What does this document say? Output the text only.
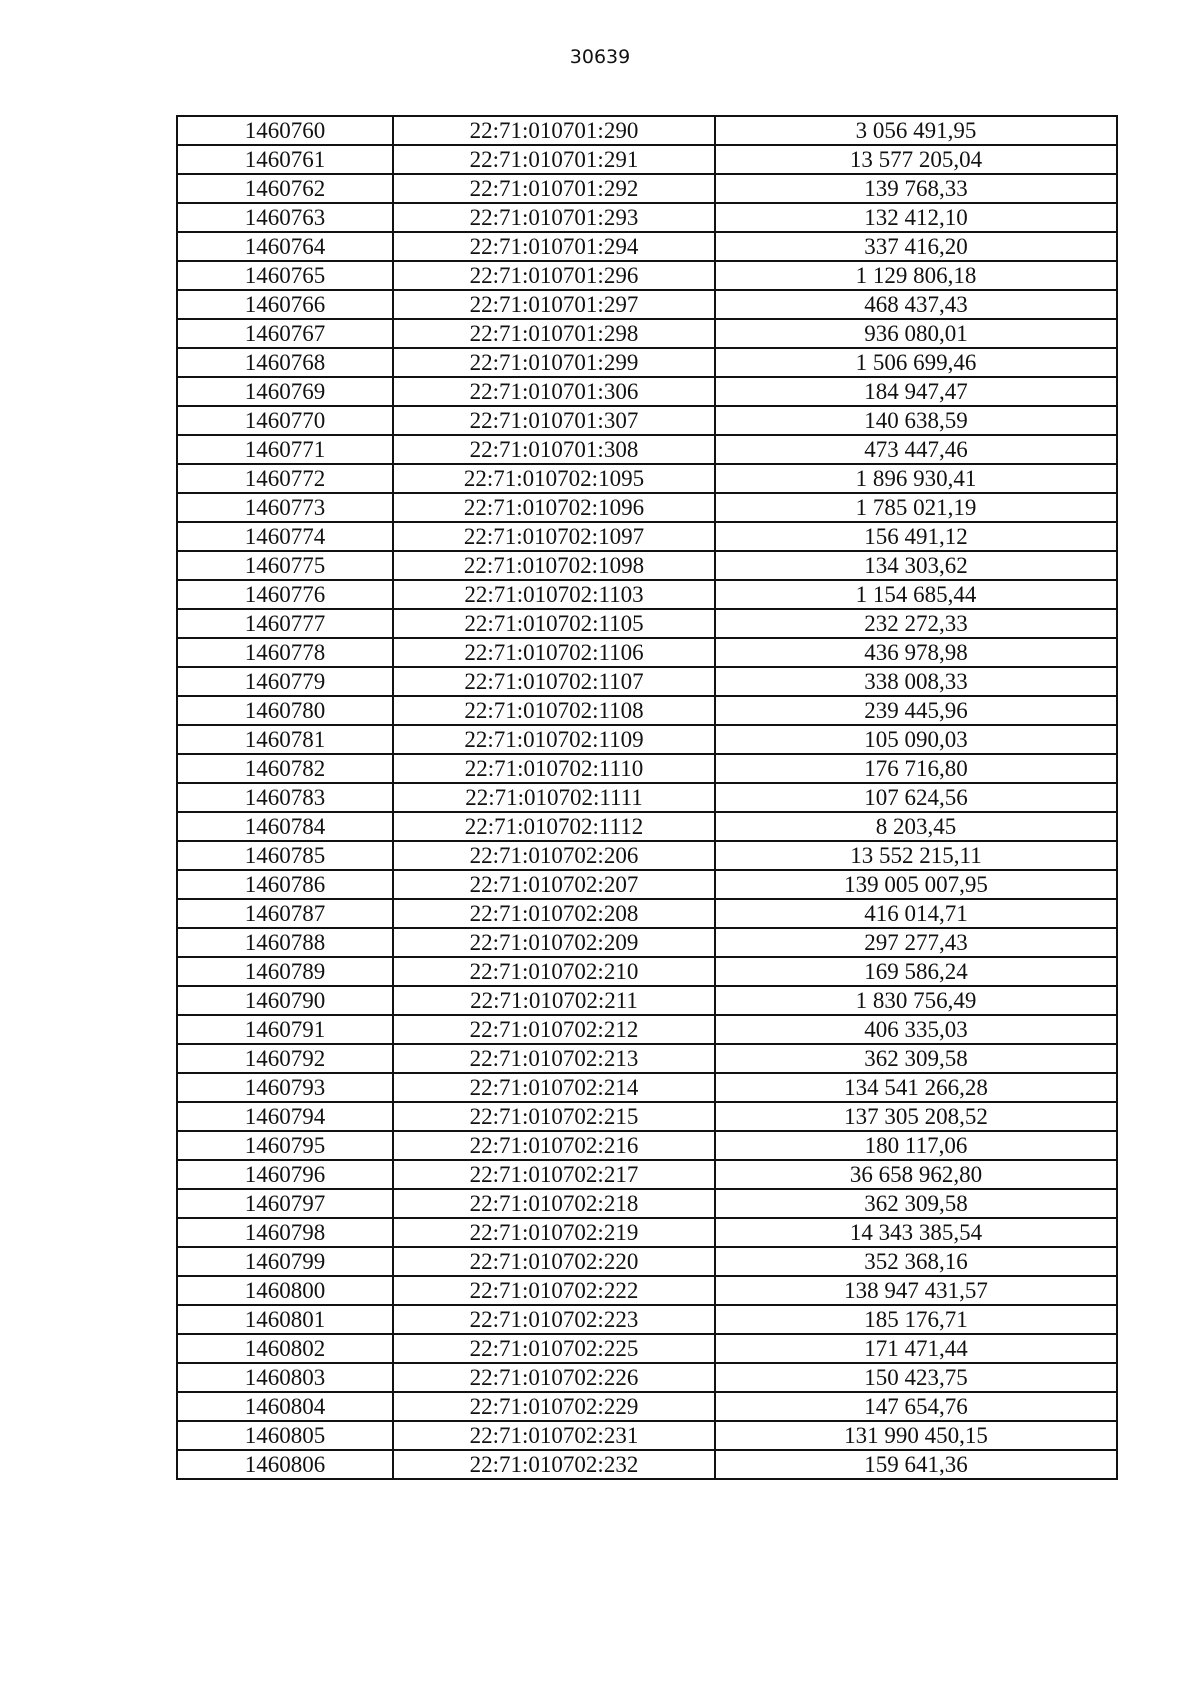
30639
1460760	22:71:010701:290	3 056 491,95
1460761	22:71:010701:291	13 577 205,04
1460762	22:71:010701:292	139 768,33
1460763	22:71:010701:293	132 412,10
1460764	22:71:010701:294	337 416,20
1460765	22:71:010701:296	1 129 806,18
1460766	22:71:010701:297	468 437,43
1460767	22:71:010701:298	936 080,01
1460768	22:71:010701:299	1 506 699,46
1460769	22:71:010701:306	184 947,47
1460770	22:71:010701:307	140 638,59
1460771	22:71:010701:308	473 447,46
1460772	22:71:010702:1095	1 896 930,41
1460773	22:71:010702:1096	1 785 021,19
1460774	22:71:010702:1097	156 491,12
1460775	22:71:010702:1098	134 303,62
1460776	22:71:010702:1103	1 154 685,44
1460777	22:71:010702:1105	232 272,33
1460778	22:71:010702:1106	436 978,98
1460779	22:71:010702:1107	338 008,33
1460780	22:71:010702:1108	239 445,96
1460781	22:71:010702:1109	105 090,03
1460782	22:71:010702:1110	176 716,80
1460783	22:71:010702:1111	107 624,56
1460784	22:71:010702:1112	8 203,45
1460785	22:71:010702:206	13 552 215,11
1460786	22:71:010702:207	139 005 007,95
1460787	22:71:010702:208	416 014,71
1460788	22:71:010702:209	297 277,43
1460789	22:71:010702:210	169 586,24
1460790	22:71:010702:211	1 830 756,49
1460791	22:71:010702:212	406 335,03
1460792	22:71:010702:213	362 309,58
1460793	22:71:010702:214	134 541 266,28
1460794	22:71:010702:215	137 305 208,52
1460795	22:71:010702:216	180 117,06
1460796	22:71:010702:217	36 658 962,80
1460797	22:71:010702:218	362 309,58
1460798	22:71:010702:219	14 343 385,54
1460799	22:71:010702:220	352 368,16
1460800	22:71:010702:222	138 947 431,57
1460801	22:71:010702:223	185 176,71
1460802	22:71:010702:225	171 471,44
1460803	22:71:010702:226	150 423,75
1460804	22:71:010702:229	147 654,76
1460805	22:71:010702:231	131 990 450,15
1460806	22:71:010702:232	159 641,36
